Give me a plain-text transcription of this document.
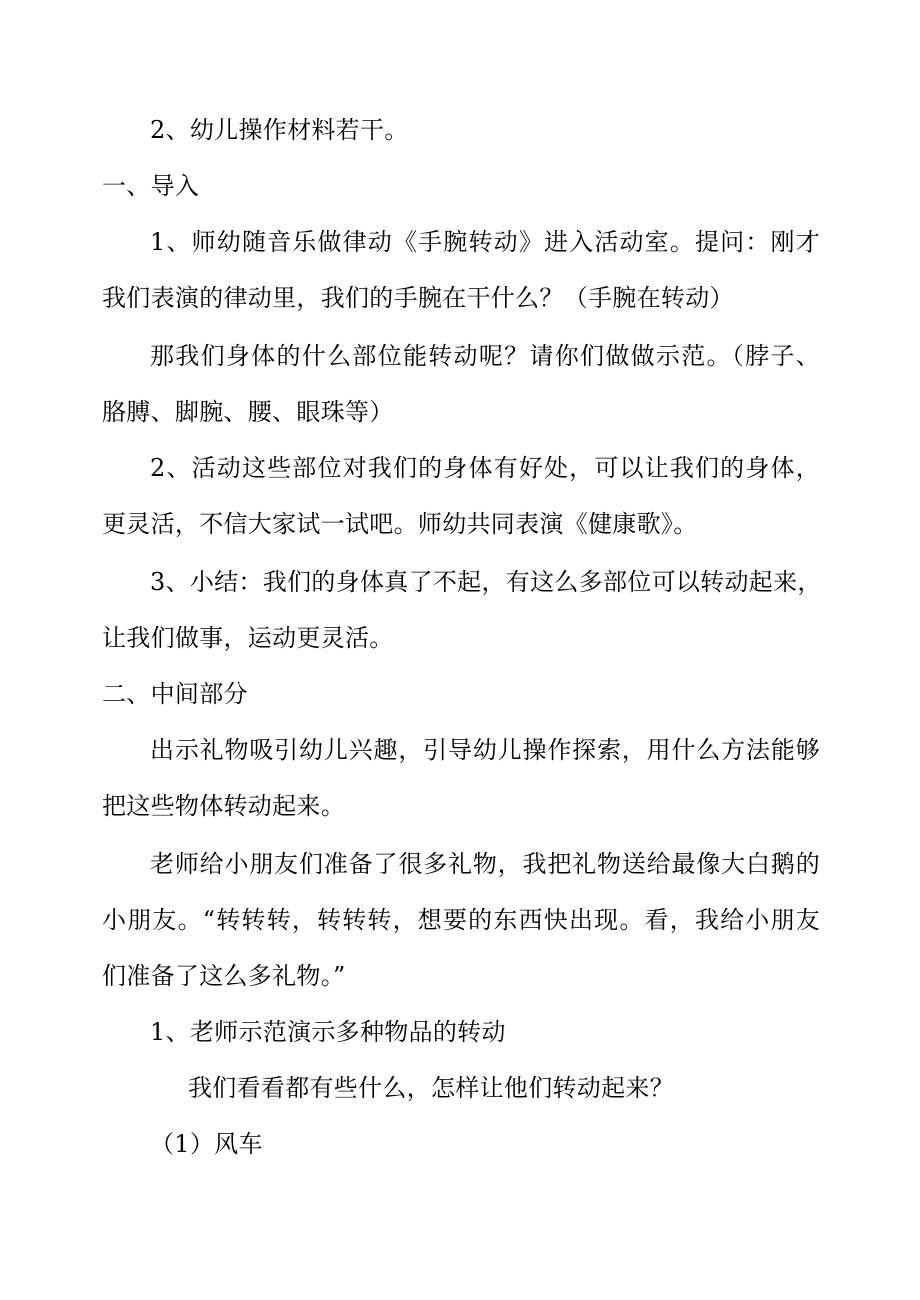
2、幼儿操作材料若干。
一、导入
1、师幼随音乐做律动《手腕转动》进入活动室。提问：刚才
我们表演的律动里，我们的手腕在干什么？（手腕在转动）
那我们身体的什么部位能转动呢？请你们做做示范。（脖子、
胳膊、脚腕、腰、眼珠等）
2、活动这些部位对我们的身体有好处，可以让我们的身体，
更灵活，不信大家试一试吧。师幼共同表演《健康歌》。
3、小结：我们的身体真了不起，有这么多部位可以转动起来，
让我们做事，运动更灵活。
二、中间部分
出示礼物吸引幼儿兴趣，引导幼儿操作探索，用什么方法能够
把这些物体转动起来。
老师给小朋友们准备了很多礼物，我把礼物送给最像大白鹅的
小朋友。“转转转，转转转，想要的东西快出现。看，我给小朋友
们准备了这么多礼物。”
1、老师示范演示多种物品的转动
我们看看都有些什么，怎样让他们转动起来？
（1）风车
